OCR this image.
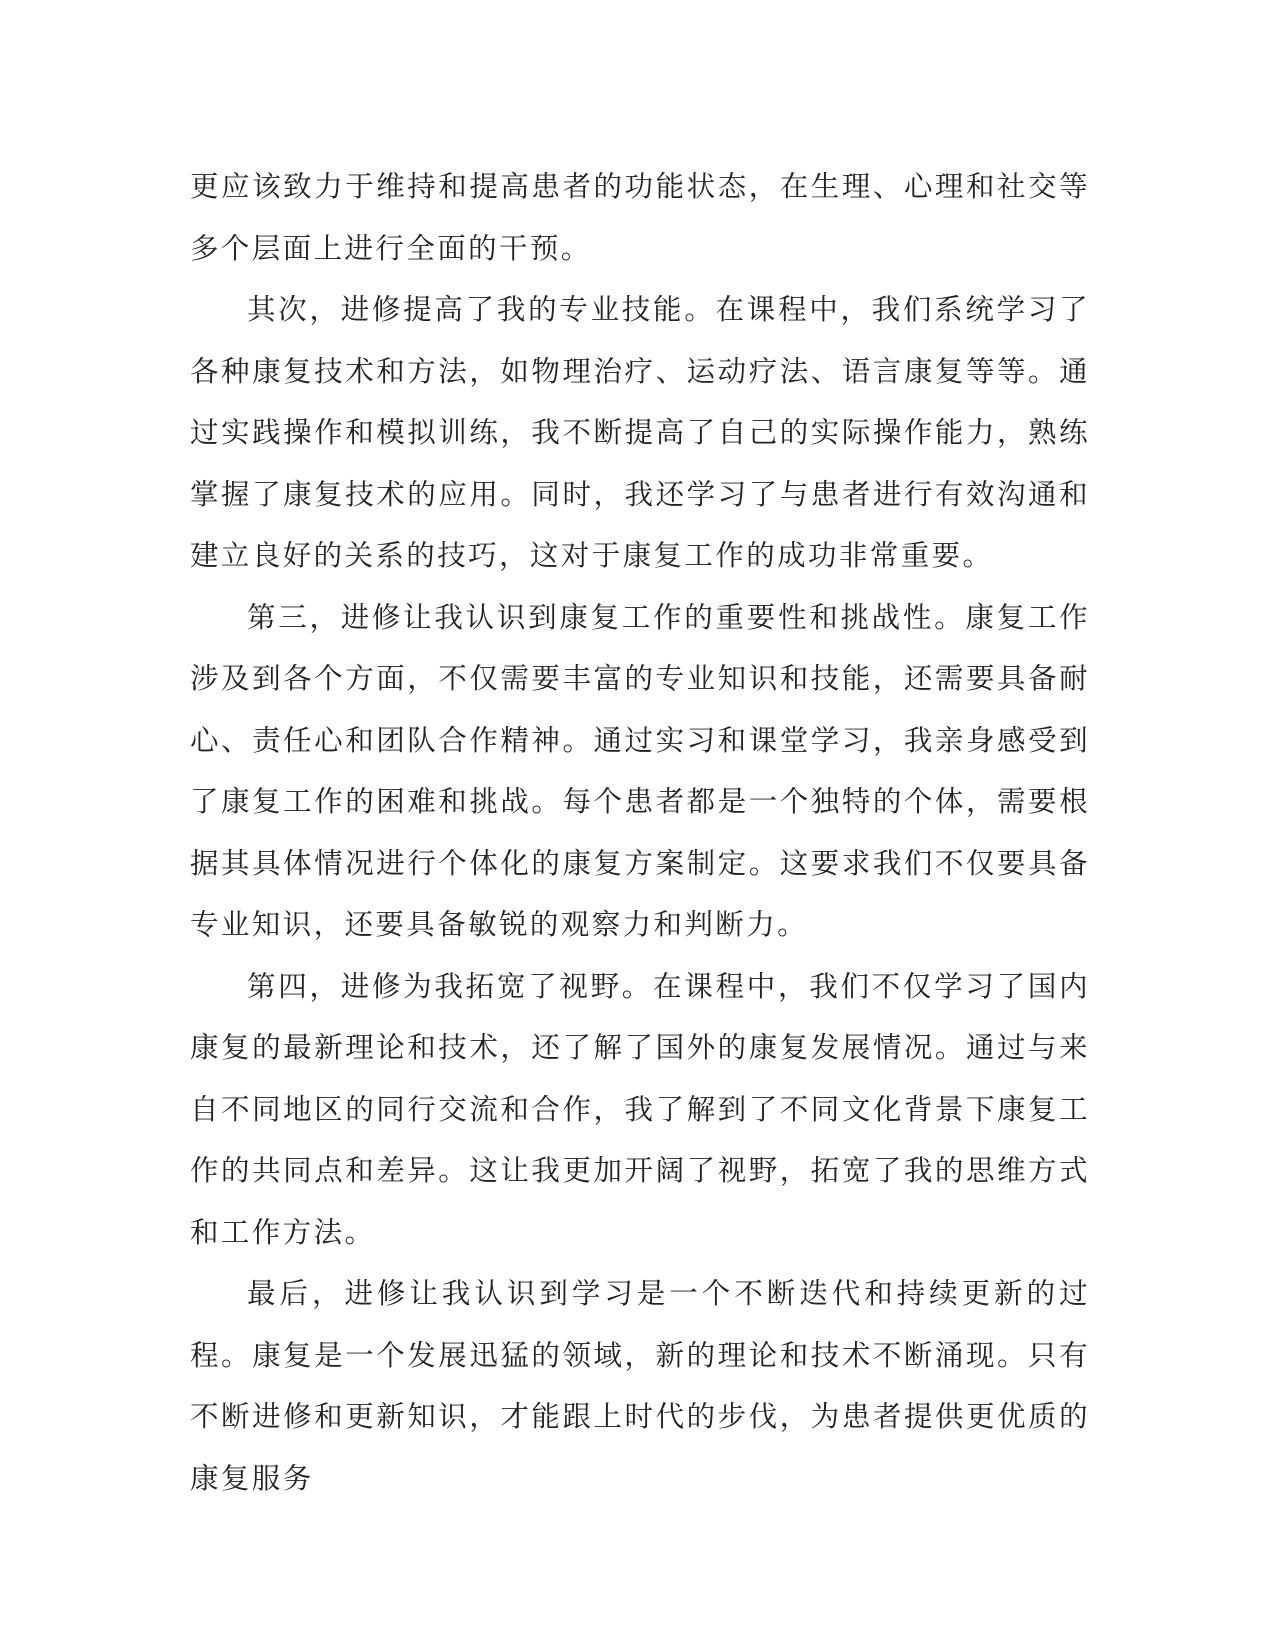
更应该致力于维持和提高患者的功能状态，在生理、心理和社交等多个层面上进行全面的干预。

其次，进修提高了我的专业技能。在课程中，我们系统学习了各种康复技术和方法，如物理治疗、运动疗法、语言康复等等。通过实践操作和模拟训练，我不断提高了自己的实际操作能力，熟练掌握了康复技术的应用。同时，我还学习了与患者进行有效沟通和建立良好的关系的技巧，这对于康复工作的成功非常重要。

第三，进修让我认识到康复工作的重要性和挑战性。康复工作涉及到各个方面，不仅需要丰富的专业知识和技能，还需要具备耐心、责任心和团队合作精神。通过实习和课堂学习，我亲身感受到了康复工作的困难和挑战。每个患者都是一个独特的个体，需要根据其具体情况进行个体化的康复方案制定。这要求我们不仅要具备专业知识，还要具备敏锐的观察力和判断力。

第四，进修为我拓宽了视野。在课程中，我们不仅学习了国内康复的最新理论和技术，还了解了国外的康复发展情况。通过与来自不同地区的同行交流和合作，我了解到了不同文化背景下康复工作的共同点和差异。这让我更加开阔了视野，拓宽了我的思维方式和工作方法。

最后，进修让我认识到学习是一个不断迭代和持续更新的过程。康复是一个发展迅猛的领域，新的理论和技术不断涌现。只有不断进修和更新知识，才能跟上时代的步伐，为患者提供更优质的康复服务
